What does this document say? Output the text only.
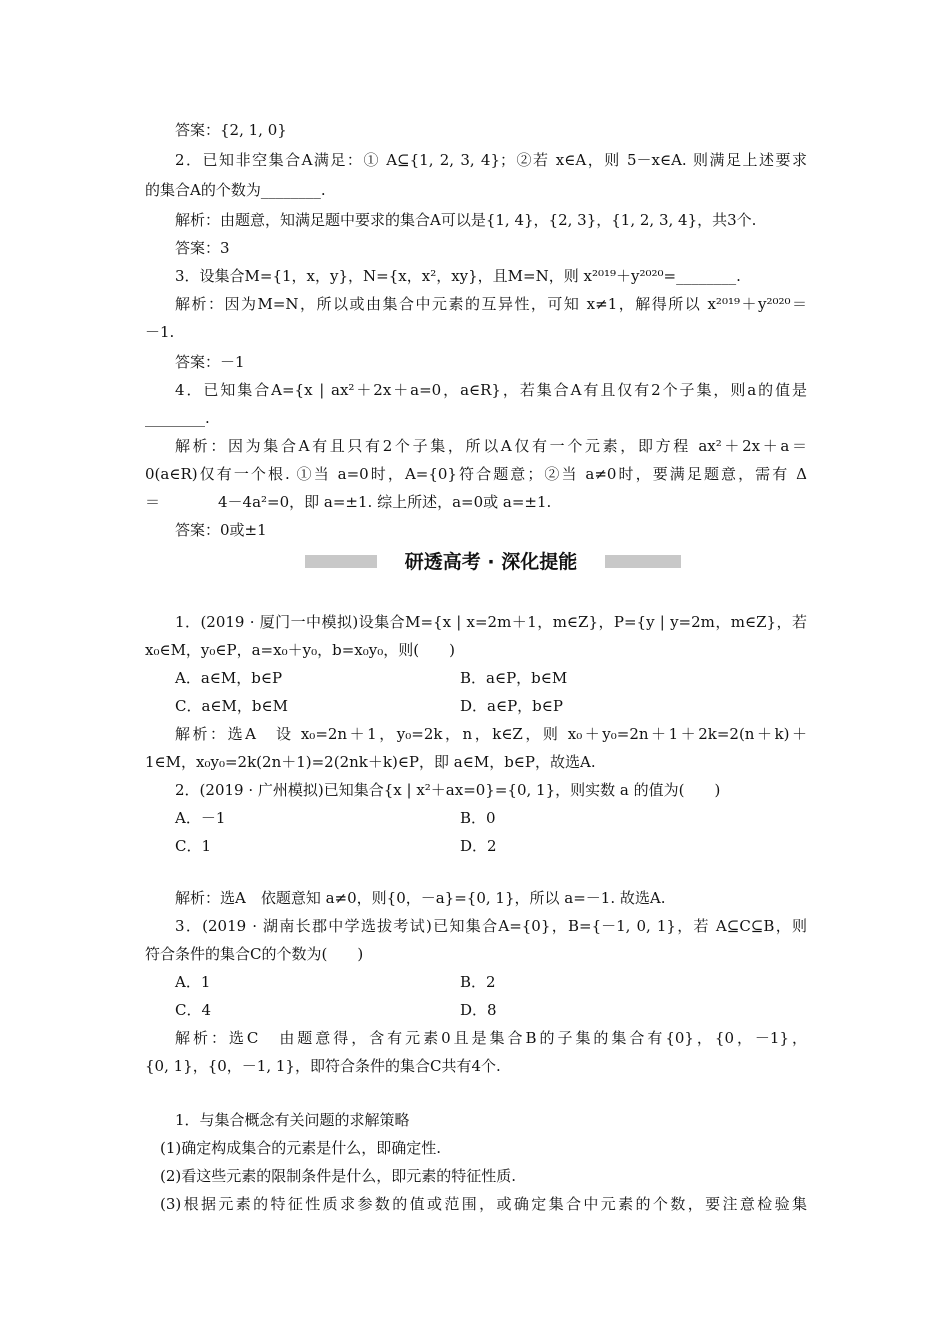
答案：{2, 1, 0}
2．已知非空集合A满足：① A⊆{1, 2, 3, 4}；②若 x∈A，则 5－x∈A. 则满足上述要求
的集合A的个数为________.
解析：由题意，知满足题中要求的集合A可以是{1, 4}，{2, 3}，{1, 2, 3, 4}，共3个.
答案：3
3．设集合M={1，x，y}，N={x，x²，xy}，且M=N，则 x²⁰¹⁹＋y²⁰²⁰=________.
解析：因为M=N，所以或由集合中元素的互异性，可知 x≠1，解得所以 x²⁰¹⁹＋y²⁰²⁰＝
－1.
答案：－1
4．已知集合A={x | ax²＋2x＋a=0，a∈R}，若集合A有且仅有2个子集，则a的值是
________.
解析：因为集合A有且只有2个子集，所以A仅有一个元素，即方程 ax²＋2x＋a＝
0(a∈R)仅有一个根. ①当 a=0时，A={0}符合题意；②当 a≠0时，要满足题意，需有 Δ
＝	4－4a²=0，即 a=±1. 综上所述，a=0或 a=±1.
答案：0或±1
研透高考 · 深化提能
1．(2019 · 厦门一中模拟)设集合M={x | x=2m＋1，m∈Z}，P={y | y=2m，m∈Z}，若
x₀∈M，y₀∈P，a=x₀＋y₀，b=x₀y₀，则(　　)
A．a∈M，b∈P	B．a∈P，b∈M
C．a∈M，b∈M	D．a∈P，b∈P
解析：选A　设 x₀=2n＋1，y₀=2k，n，k∈Z，则 x₀＋y₀=2n＋1＋2k=2(n＋k)＋
1∈M，x₀y₀=2k(2n＋1)=2(2nk＋k)∈P，即 a∈M，b∈P，故选A.
2．(2019 · 广州模拟)已知集合{x | x²＋ax=0}={0, 1}，则实数 a 的值为(　　)
A．－1	B．0
C．1	D．2
解析：选A　依题意知 a≠0，则{0，－a}={0, 1}，所以 a=－1. 故选A.
3．(2019 · 湖南长郡中学选拔考试)已知集合A={0}，B={－1, 0, 1}，若 A⊆C⊆B，则
符合条件的集合C的个数为(　　)
A．1	B．2
C．4	D．8
解析：选C　由题意得，含有元素0且是集合B的子集的集合有{0}，{0，－1}，
{0, 1}，{0，－1, 1}，即符合条件的集合C共有4个.
1．与集合概念有关问题的求解策略
(1)确定构成集合的元素是什么，即确定性.
(2)看这些元素的限制条件是什么，即元素的特征性质.
(3)根据元素的特征性质求参数的值或范围，或确定集合中元素的个数，要注意检验集
